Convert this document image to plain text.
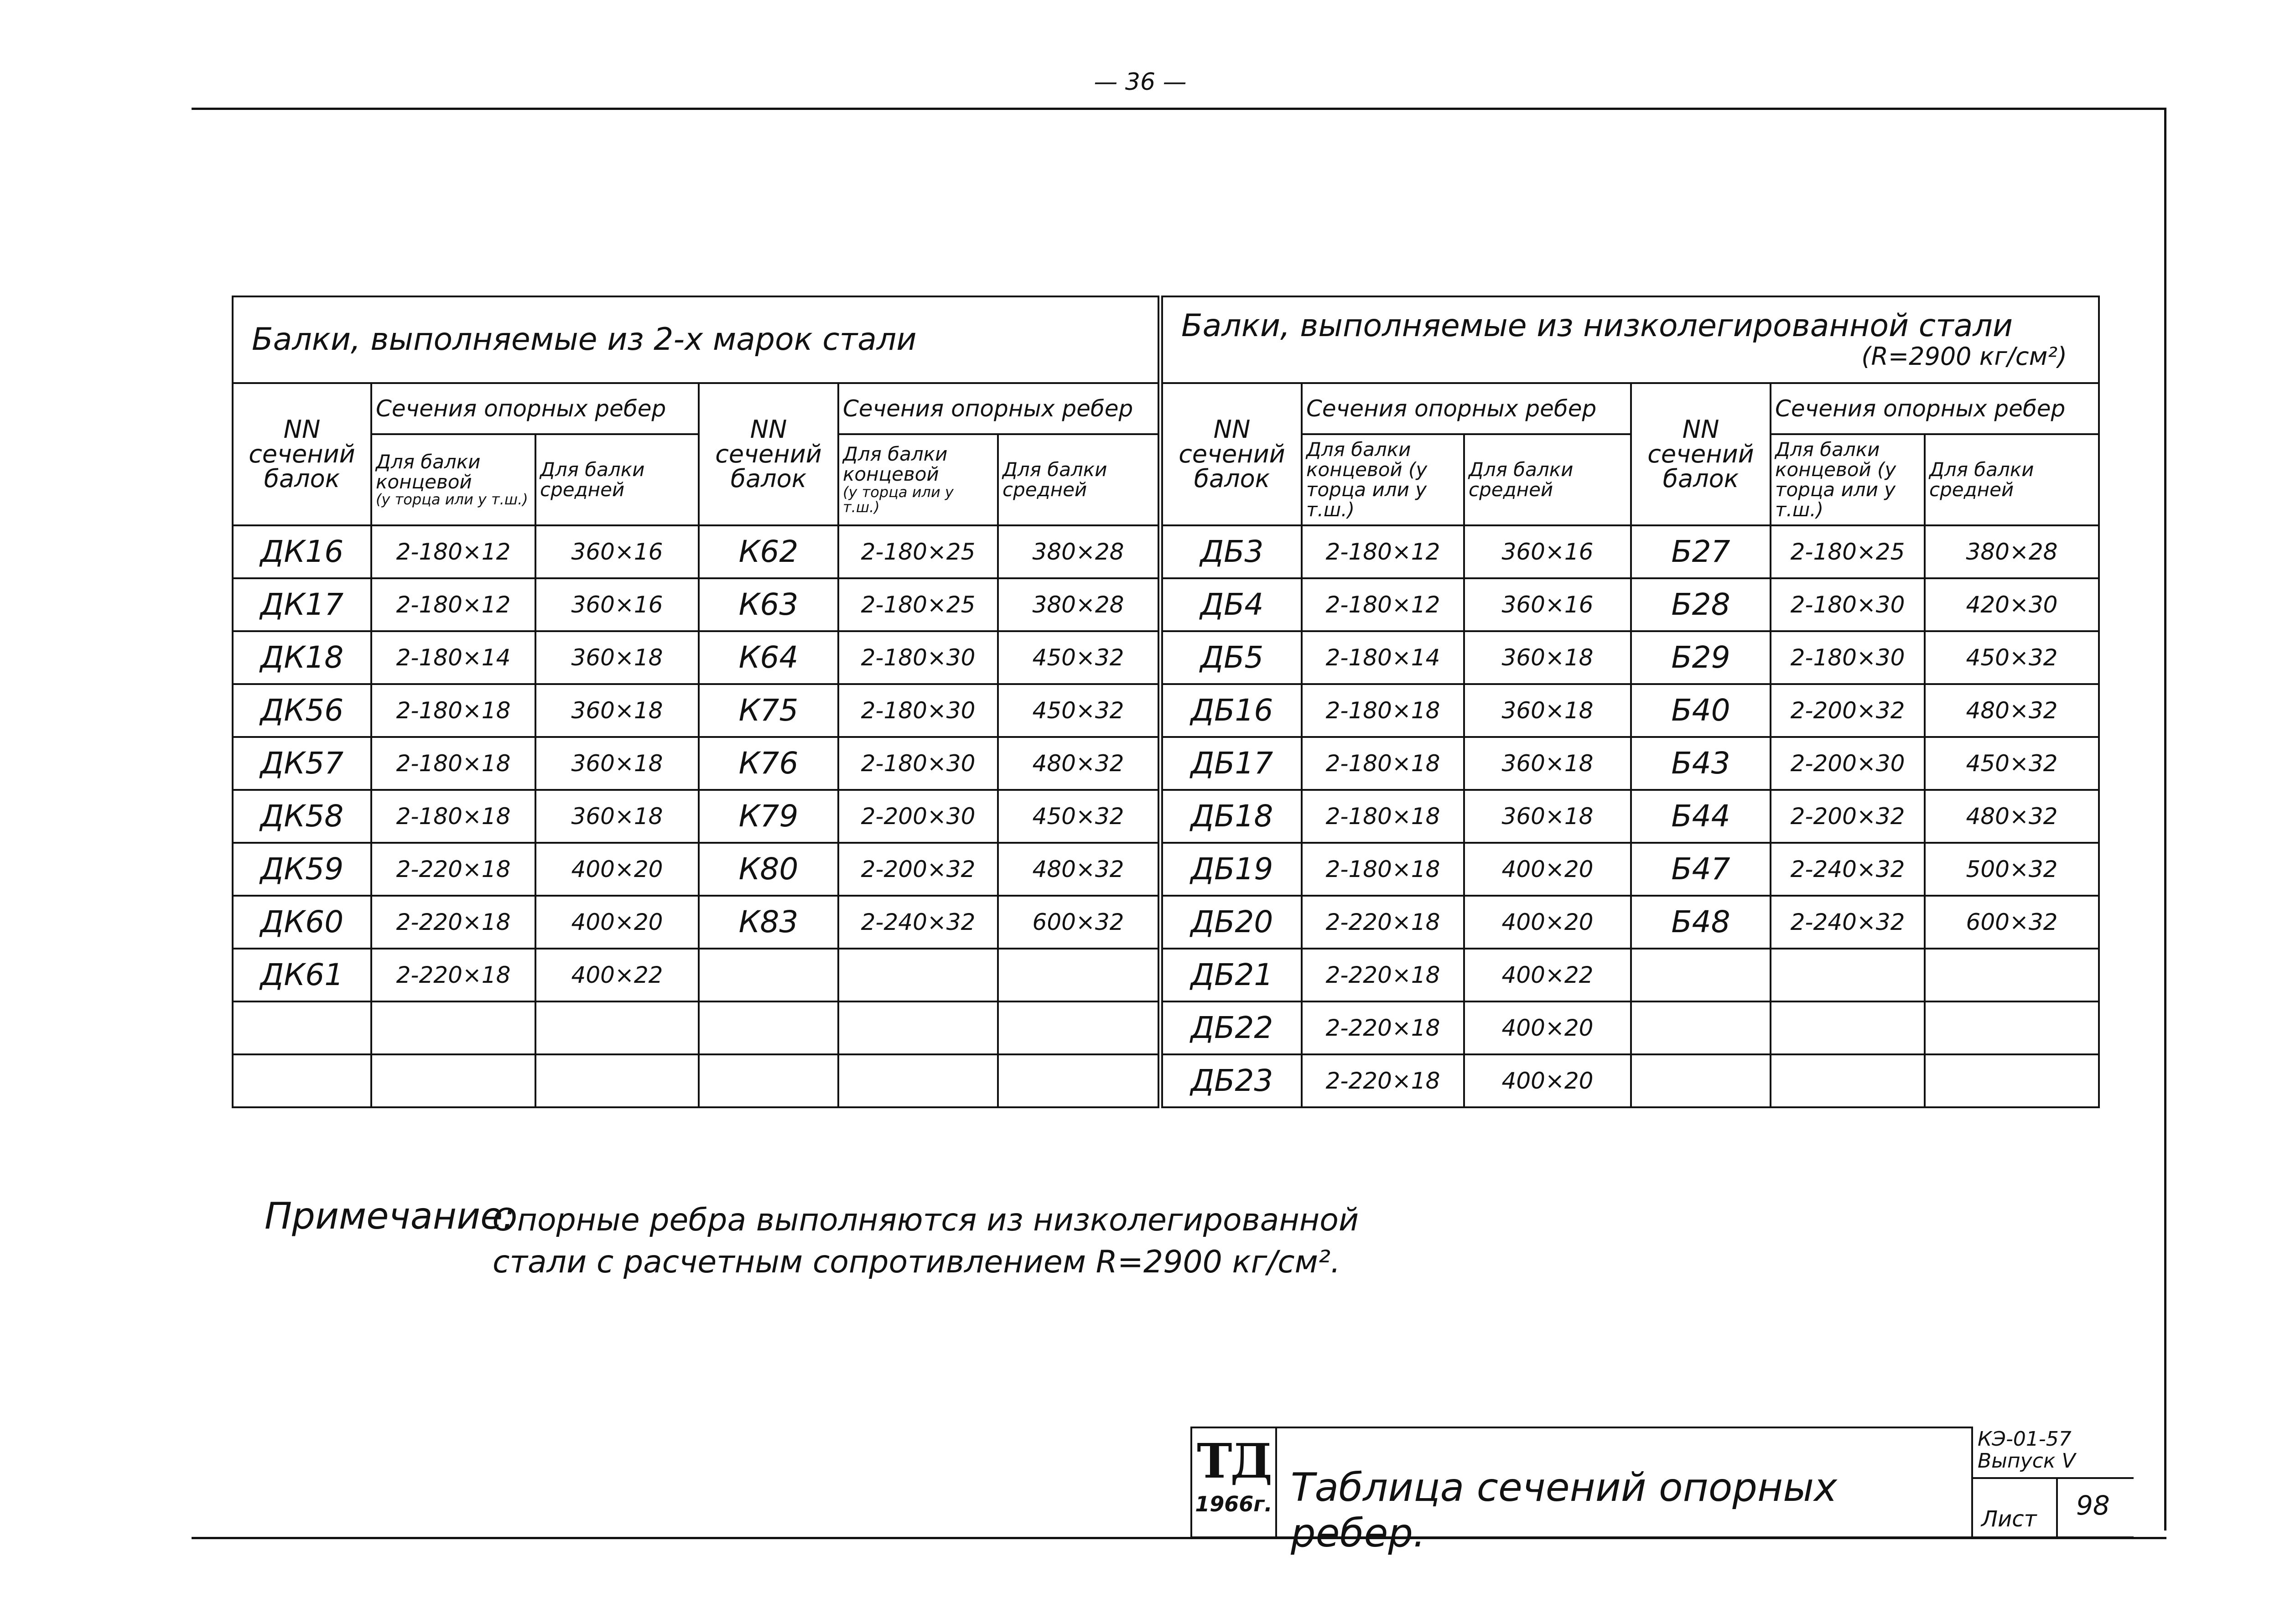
— 36 —
Балки, выполняемые из 2-х марок стали						Балки, выполняемые из низколегированной стали
(R=2900 кг/см²)					

NN сечений балок	Сечения опорных ребер		NN сечений балок	Сечения опорных ребер		NN сечений балок	Сечения опорных ребер		NN сечений балок	Сечения опорных ребер	
	Для балки концевой
(у торца или у т.ш.)	Для балки средней		Для балки концевой
(у торца или у т.ш.)	Для балки средней		Для балки концевой (у торца или у т.ш.)	Для балки средней		Для балки концевой (у торца или у т.ш.)	Для балки средней
ДК16	2-180×12	360×16	К62	2-180×25	380×28	ДБ3	2-180×12	360×16	Б27	2-180×25	380×28
ДК17	2-180×12	360×16	К63	2-180×25	380×28	ДБ4	2-180×12	360×16	Б28	2-180×30	420×30
ДК18	2-180×14	360×18	К64	2-180×30	450×32	ДБ5	2-180×14	360×18	Б29	2-180×30	450×32
ДК56	2-180×18	360×18	К75	2-180×30	450×32	ДБ16	2-180×18	360×18	Б40	2-200×32	480×32
ДК57	2-180×18	360×18	К76	2-180×30	480×32	ДБ17	2-180×18	360×18	Б43	2-200×30	450×32
ДК58	2-180×18	360×18	К79	2-200×30	450×32	ДБ18	2-180×18	360×18	Б44	2-200×32	480×32
ДК59	2-220×18	400×20	К80	2-200×32	480×32	ДБ19	2-180×18	400×20	Б47	2-240×32	500×32
ДК60	2-220×18	400×20	К83	2-240×32	600×32	ДБ20	2-220×18	400×20	Б48	2-240×32	600×32
ДК61	2-220×18	400×22				ДБ21	2-220×18	400×22			
						ДБ22	2-220×18	400×20			
						ДБ23	2-220×18	400×20			
Примечание:
Опорные ребра выполняются из низколегированной стали с расчетным сопротивлением R=2900 кг/см².
ТД
1966г. Таблица сечений опорных ребер.
КЭ-01-57
Выпуск V
Лист	98
